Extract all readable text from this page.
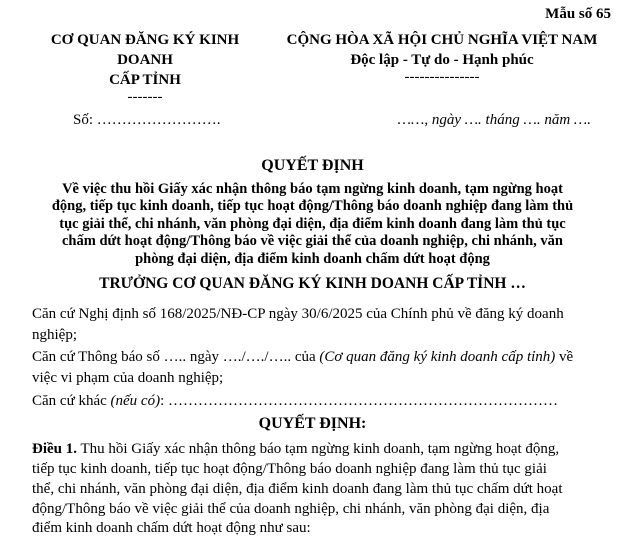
Mẫu số 65
CƠ QUAN ĐĂNG KÝ KINH
DOANH
CẤP TỈNH
-------
CỘNG HÒA XÃ HỘI CHỦ NGHĨA VIỆT NAM
Độc lập - Tự do - Hạnh phúc
---------------
Số: …………………….	……, ngày …. tháng …. năm ….
QUYẾT ĐỊNH
Về việc thu hồi Giấy xác nhận thông báo tạm ngừng kinh doanh, tạm ngừng hoạt
động, tiếp tục kinh doanh, tiếp tục hoạt động/Thông báo doanh nghiệp đang làm thủ
tục giải thể, chi nhánh, văn phòng đại diện, địa điểm kinh doanh đang làm thủ tục
chấm dứt hoạt động/Thông báo về việc giải thể của doanh nghiệp, chi nhánh, văn
phòng đại diện, địa điểm kinh doanh chấm dứt hoạt động
TRƯỞNG CƠ QUAN ĐĂNG KÝ KINH DOANH CẤP TỈNH …
Căn cứ Nghị định số 168/2025/NĐ-CP ngày 30/6/2025 của Chính phủ về đăng ký doanh
nghiệp;
Căn cứ Thông báo số ….. ngày …./…./….. của (Cơ quan đăng ký kinh doanh cấp tỉnh) về
việc vi phạm của doanh nghiệp;
Căn cứ khác (nếu có): ……………………………………………………………………
QUYẾT ĐỊNH:
Điều 1. Thu hồi Giấy xác nhận thông báo tạm ngừng kinh doanh, tạm ngừng hoạt động,
tiếp tục kinh doanh, tiếp tục hoạt động/Thông báo doanh nghiệp đang làm thủ tục giải
thể, chi nhánh, văn phòng đại diện, địa điểm kinh doanh đang làm thủ tục chấm dứt hoạt
động/Thông báo về việc giải thể của doanh nghiệp, chi nhánh, văn phòng đại diện, địa
điểm kinh doanh chấm dứt hoạt động như sau:
